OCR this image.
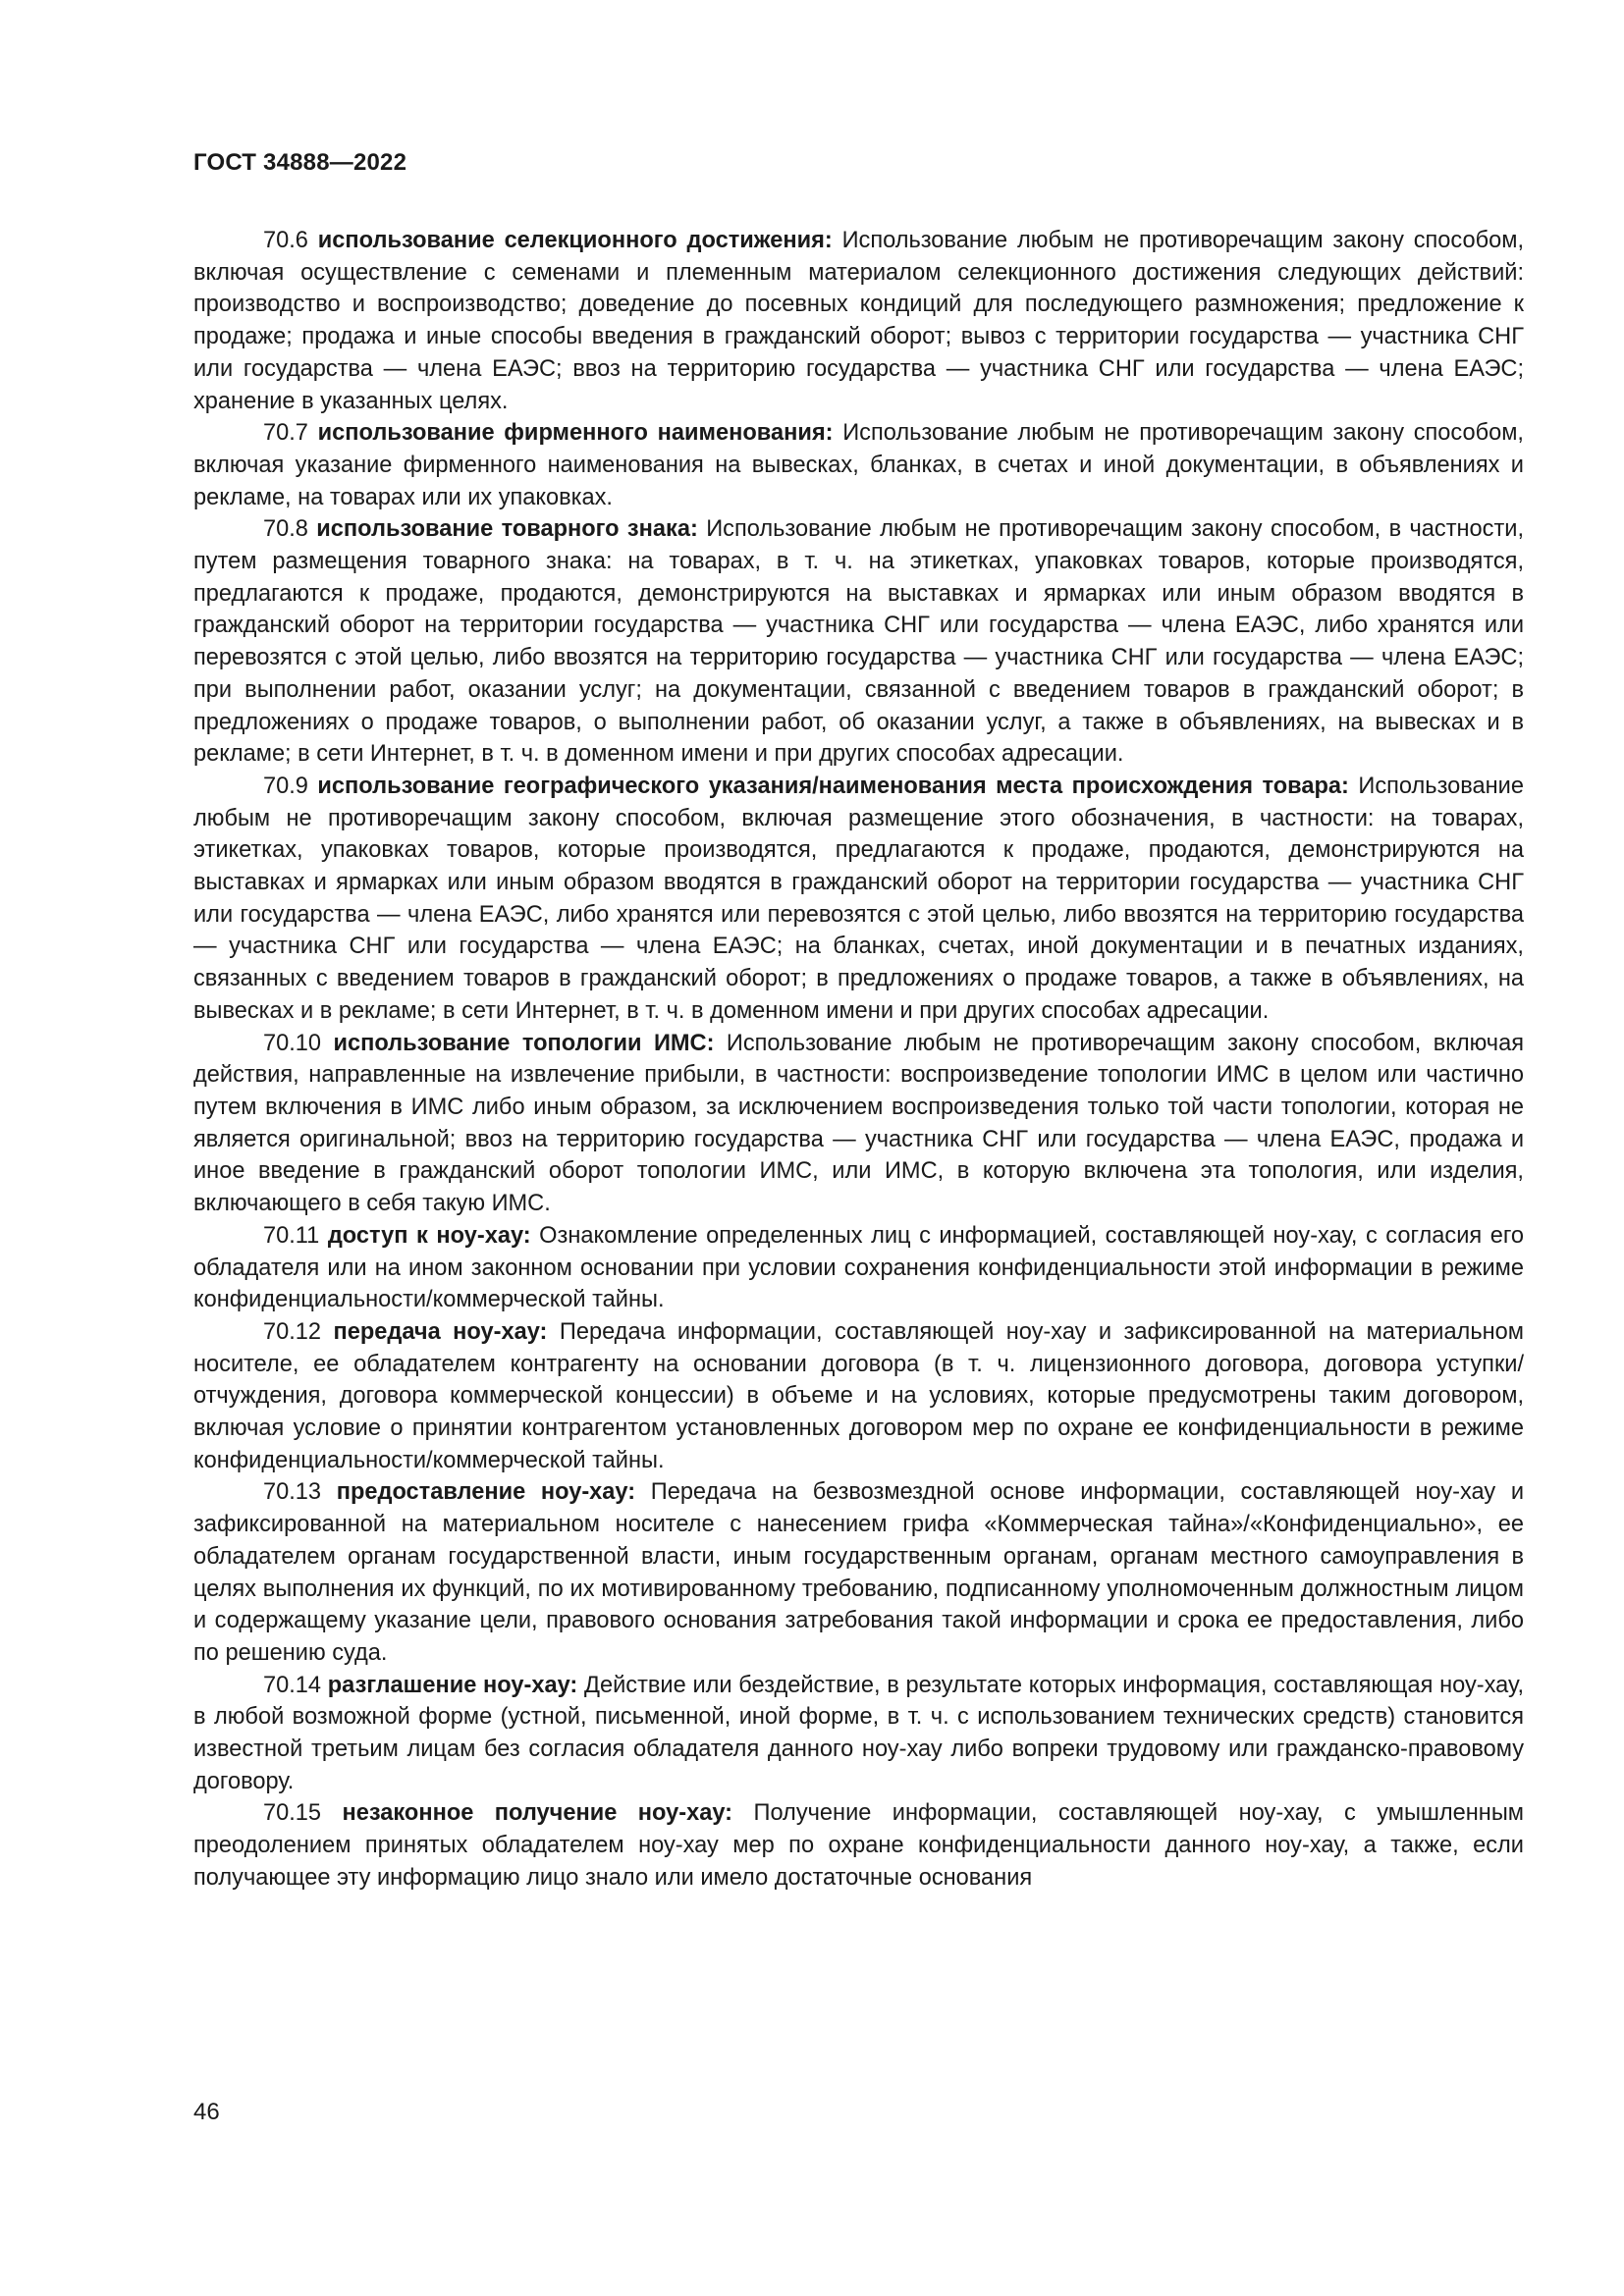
ГОСТ 34888—2022

70.6 использование селекционного достижения: Использование любым не противоречащим закону способом, включая осуществление с семенами и племенным материалом селекционного достижения следующих действий: производство и воспроизводство; доведение до посевных кондиций для последующего размножения; предложение к продаже; продажа и иные способы введения в гражданский оборот; вывоз с территории государства — участника СНГ или государства — члена ЕАЭС; ввоз на территорию государства — участника СНГ или государства — члена ЕАЭС; хранение в указанных целях.

70.7 использование фирменного наименования: Использование любым не противоречащим закону способом, включая указание фирменного наименования на вывесках, бланках, в счетах и иной документации, в объявлениях и рекламе, на товарах или их упаковках.

70.8 использование товарного знака: Использование любым не противоречащим закону способом, в частности, путем размещения товарного знака: на товарах, в т. ч. на этикетках, упаковках товаров, которые производятся, предлагаются к продаже, продаются, демонстрируются на выставках и ярмарках или иным образом вводятся в гражданский оборот на территории государства — участника СНГ или государства — члена ЕАЭС, либо хранятся или перевозятся с этой целью, либо ввозятся на территорию государства — участника СНГ или государства — члена ЕАЭС; при выполнении работ, оказании услуг; на документации, связанной с введением товаров в гражданский оборот; в предложениях о продаже товаров, о выполнении работ, об оказании услуг, а также в объявлениях, на вывесках и в рекламе; в сети Интернет, в т. ч. в доменном имени и при других способах адресации.

70.9 использование географического указания/наименования места происхождения товара: Использование любым не противоречащим закону способом, включая размещение этого обозначения, в частности: на товарах, этикетках, упаковках товаров, которые производятся, предлагаются к продаже, продаются, демонстрируются на выставках и ярмарках или иным образом вводятся в гражданский оборот на территории государства — участника СНГ или государства — члена ЕАЭС, либо хранятся или перевозятся с этой целью, либо ввозятся на территорию государства — участника СНГ или государства — члена ЕАЭС; на бланках, счетах, иной документации и в печатных изданиях, связанных с введением товаров в гражданский оборот; в предложениях о продаже товаров, а также в объявлениях, на вывесках и в рекламе; в сети Интернет, в т. ч. в доменном имени и при других способах адресации.

70.10 использование топологии ИМС: Использование любым не противоречащим закону способом, включая действия, направленные на извлечение прибыли, в частности: воспроизведение топологии ИМС в целом или частично путем включения в ИМС либо иным образом, за исключением воспроизведения только той части топологии, которая не является оригинальной; ввоз на территорию государства — участника СНГ или государства — члена ЕАЭС, продажа и иное введение в гражданский оборот топологии ИМС, или ИМС, в которую включена эта топология, или изделия, включающего в себя такую ИМС.

70.11 доступ к ноу-хау: Ознакомление определенных лиц с информацией, составляющей ноу-хау, с согласия его обладателя или на ином законном основании при условии сохранения конфиденциальности этой информации в режиме конфиденциальности/коммерческой тайны.

70.12 передача ноу-хау: Передача информации, составляющей ноу-хау и зафиксированной на материальном носителе, ее обладателем контрагенту на основании договора (в т. ч. лицензионного договора, договора уступки/отчуждения, договора коммерческой концессии) в объеме и на условиях, которые предусмотрены таким договором, включая условие о принятии контрагентом установленных договором мер по охране ее конфиденциальности в режиме конфиденциальности/коммерческой тайны.

70.13 предоставление ноу-хау: Передача на безвозмездной основе информации, составляющей ноу-хау и зафиксированной на материальном носителе с нанесением грифа «Коммерческая тайна»/«Конфиденциально», ее обладателем органам государственной власти, иным государственным органам, органам местного самоуправления в целях выполнения их функций, по их мотивированному требованию, подписанному уполномоченным должностным лицом и содержащему указание цели, правового основания затребования такой информации и срока ее предоставления, либо по решению суда.

70.14 разглашение ноу-хау: Действие или бездействие, в результате которых информация, составляющая ноу-хау, в любой возможной форме (устной, письменной, иной форме, в т. ч. с использованием технических средств) становится известной третьим лицам без согласия обладателя данного ноу-хау либо вопреки трудовому или гражданско-правовому договору.

70.15 незаконное получение ноу-хау: Получение информации, составляющей ноу-хау, с умышленным преодолением принятых обладателем ноу-хау мер по охране конфиденциальности данного ноу-хау, а также, если получающее эту информацию лицо знало или имело достаточные основания

46
